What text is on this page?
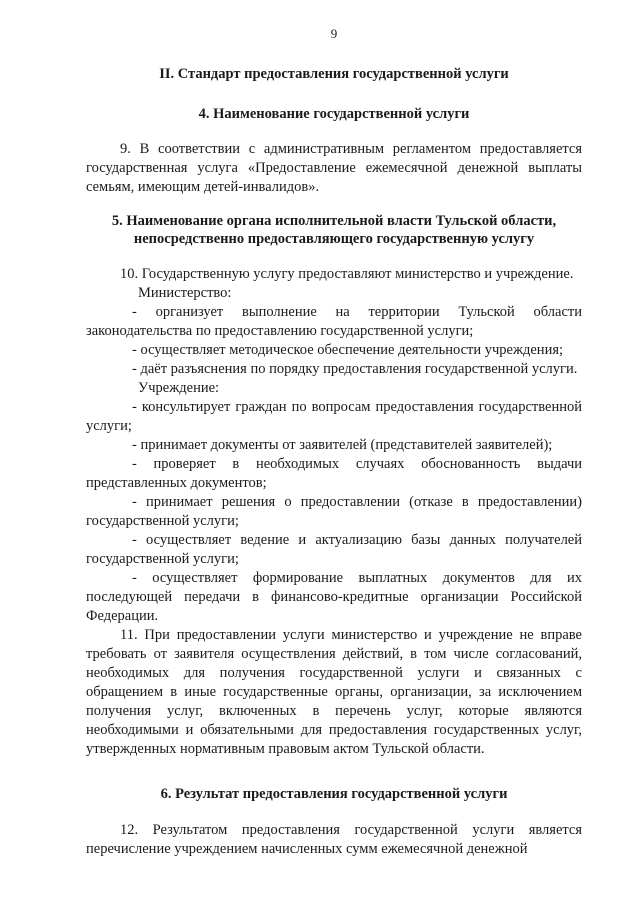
9
II. Стандарт предоставления государственной услуги
4. Наименование государственной услуги

9. В соответствии с административным регламентом предоставляется государственная услуга «Предоставление ежемесячной денежной выплаты семьям, имеющим детей-инвалидов».

5. Наименование органа исполнительной власти Тульской области,
непосредственно предоставляющего государственную услугу

10. Государственную услугу предоставляют министерство и учреждение.

Министерство:

- организует выполнение на территории Тульской области законодательства по предоставлению государственной услуги;

- осуществляет методическое обеспечение деятельности учреждения;

- даёт разъяснения по порядку предоставления государственной услуги.

Учреждение:

- консультирует граждан по вопросам предоставления государственной услуги;

- принимает документы от заявителей (представителей заявителей);

- проверяет в необходимых случаях обоснованность выдачи представленных документов;

- принимает решения о предоставлении (отказе в предоставлении) государственной услуги;

- осуществляет ведение и актуализацию базы данных получателей государственной услуги;

- осуществляет формирование выплатных документов для их последующей передачи в финансово-кредитные организации Российской Федерации.

11. При предоставлении услуги министерство и учреждение не вправе требовать от заявителя осуществления действий, в том числе согласований, необходимых для получения государственной услуги и связанных с обращением в иные государственные органы, организации, за исключением получения услуг, включенных в перечень услуг, которые являются необходимыми и обязательными для предоставления государственных услуг, утвержденных нормативным правовым актом Тульской области.

6. Результат предоставления государственной услуги

12. Результатом предоставления государственной услуги является перечисление учреждением начисленных сумм ежемесячной денежной
